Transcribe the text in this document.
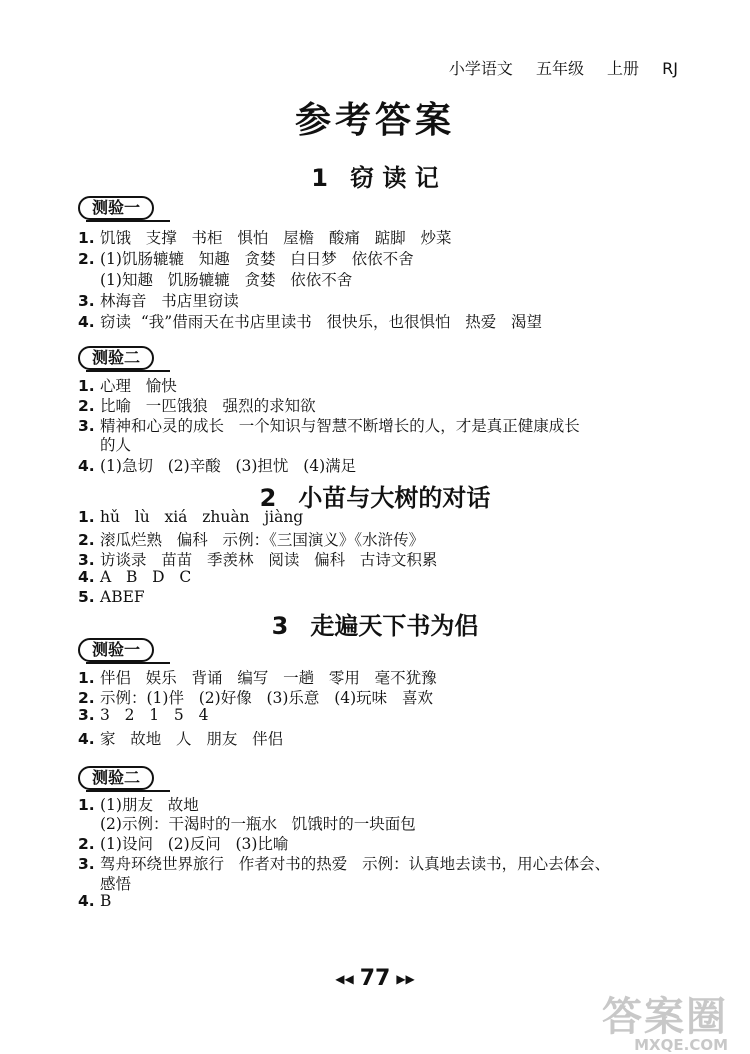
小学语文 五年级 上册 RJ
参考答案
1 窃 读 记
测验一
1. 饥饿   支撑   书柜   惧怕   屋檐   酸痛   踮脚   炒菜
2. (1)饥肠辘辘   知趣   贪婪   白日梦   依依不舍
(1)知趣   饥肠辘辘   贪婪   依依不舍
3. 林海音   书店里窃读
4. 窃读  “我”借雨天在书店里读书   很快乐，也很惧怕   热爱   渴望
测验二
1. 心理   愉快
2. 比喻   一匹饿狼   强烈的求知欲
3. 精神和心灵的成长   一个知识与智慧不断增长的人，才是真正健康成长
的人
4. (1)急切   (2)辛酸   (3)担忧   (4)满足
2 小苗与大树的对话
1. hǔ   lù   xiá   zhuàn   jiàng
2. 滚瓜烂熟   偏科   示例：《三国演义》《水浒传》
3. 访谈录   苗苗   季羡林   阅读   偏科   古诗文积累
4. A   B   D   C
5. ABEF
3 走遍天下书为侣
测验一
1. 伴侣   娱乐   背诵   编写   一趟   零用   毫不犹豫
2. 示例：(1)伴   (2)好像   (3)乐意   (4)玩味   喜欢
3. 3   2   1   5   4
4. 家   故地   人   朋友   伴侣
测验二
1. (1)朋友   故地
(2)示例：干渴时的一瓶水   饥饿时的一块面包
2. (1)设问   (2)反问   (3)比喻
3. 驾舟环绕世界旅行   作者对书的热爱   示例：认真地去读书，用心去体会、
感悟
4. B
◀◀ 77 ▶▶
答案圈
MXQE.COM
